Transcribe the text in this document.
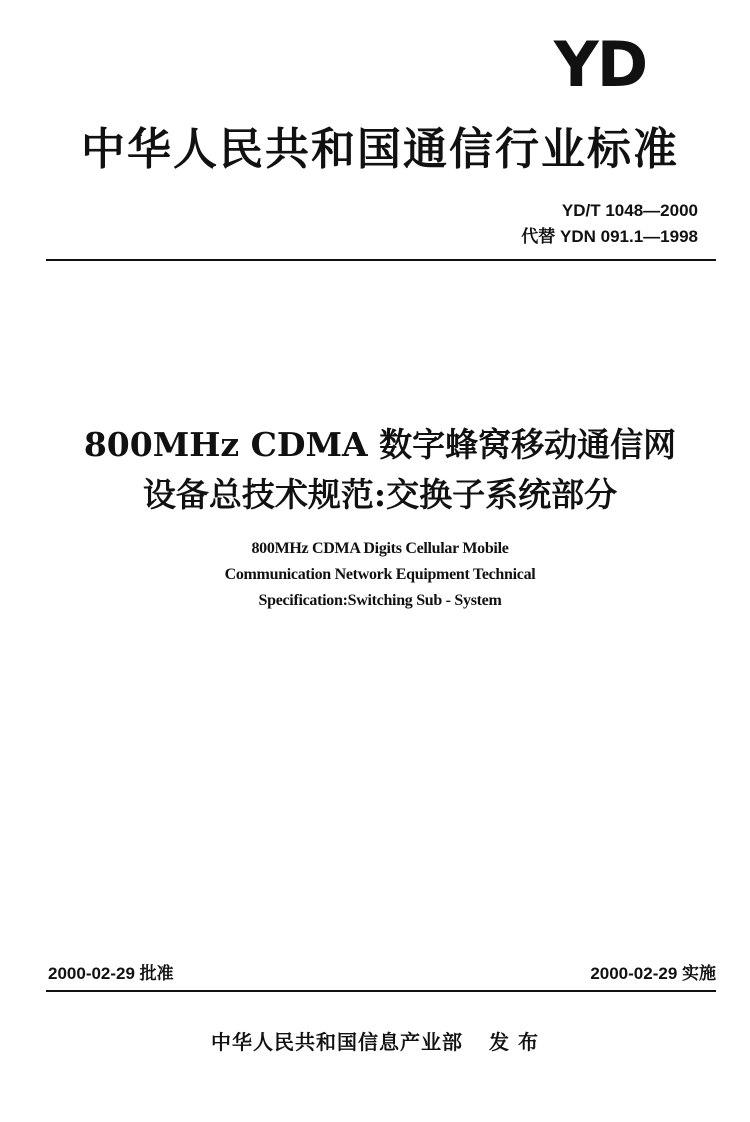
YD
中华人民共和国通信行业标准
YD/T 1048—2000
代替 YDN 091.1—1998
800MHz CDMA 数字蜂窝移动通信网
设备总技术规范:交换子系统部分
800MHz CDMA Digits Cellular Mobile
Communication Network Equipment Technical
Specification:Switching Sub - System
2000-02-29 批准	2000-02-29 实施
中华人民共和国信息产业部 发 布
